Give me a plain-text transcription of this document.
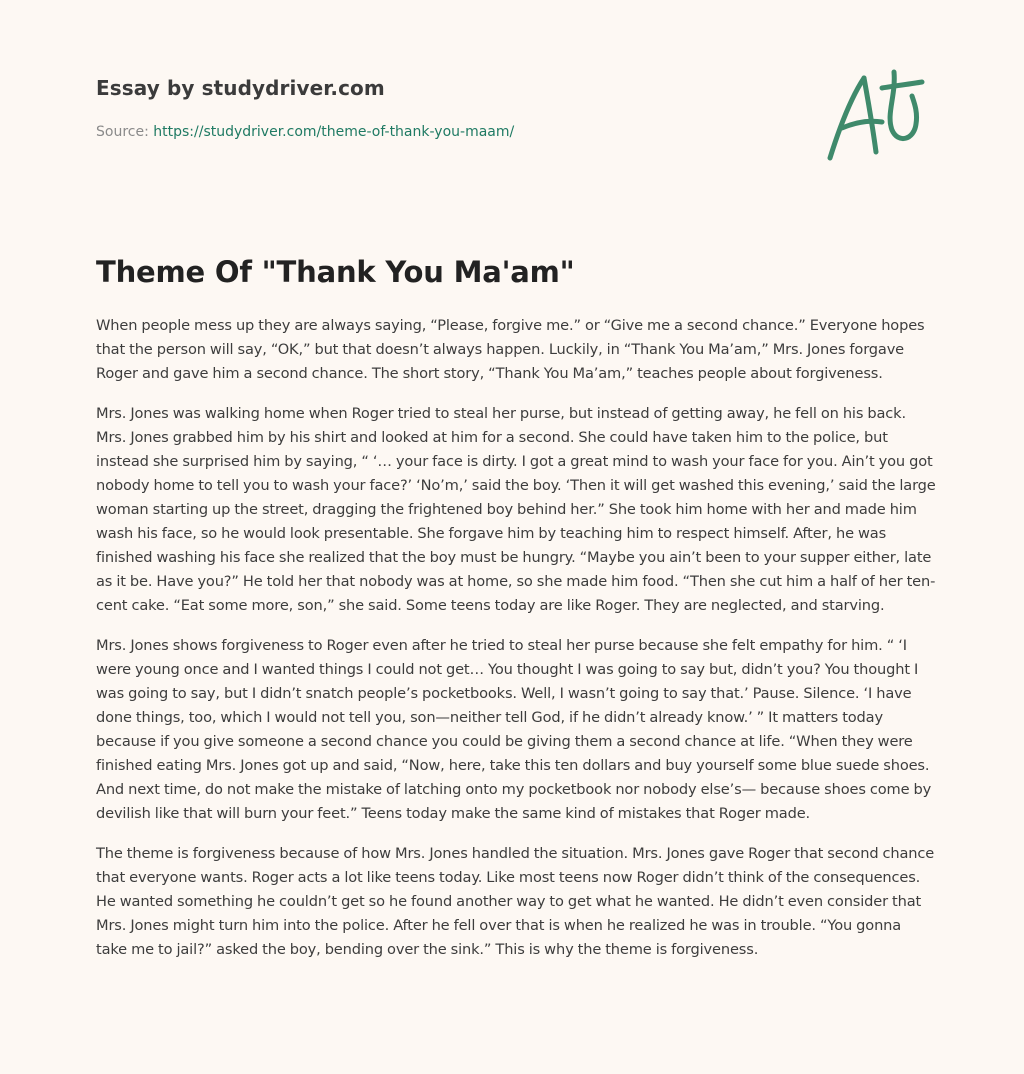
Essay by studydriver.com
Source: https://studydriver.com/theme-of-thank-you-maam/
Theme Of "Thank You Ma'am"

When people mess up they are always saying, “Please, forgive me.” or “Give me a second chance.” Everyone hopes that the person will say, “OK,” but that doesn’t always happen. Luckily, in “Thank You Ma’am,” Mrs. Jones forgave Roger and gave him a second chance. The short story, “Thank You Ma’am,” teaches people about forgiveness.

Mrs. Jones was walking home when Roger tried to steal her purse, but instead of getting away, he fell on his back. Mrs. Jones grabbed him by his shirt and looked at him for a second. She could have taken him to the police, but instead she surprised him by saying, “ ‘… your face is dirty. I got a great mind to wash your face for you. Ain’t you got nobody home to tell you to wash your face?’ ‘No’m,’ said the boy. ‘Then it will get washed this evening,’ said the large woman starting up the street, dragging the frightened boy behind her.” She took him home with her and made him wash his face, so he would look presentable. She forgave him by teaching him to respect himself. After, he was finished washing his face she realized that the boy must be hungry. “Maybe you ain’t been to your supper either, late as it be. Have you?” He told her that nobody was at home, so she made him food. “Then she cut him a half of her ten-cent cake. “Eat some more, son,” she said. Some teens today are like Roger. They are neglected, and starving.

Mrs. Jones shows forgiveness to Roger even after he tried to steal her purse because she felt empathy for him. “ ‘I were young once and I wanted things I could not get… You thought I was going to say but, didn’t you? You thought I was going to say, but I didn’t snatch people’s pocketbooks. Well, I wasn’t going to say that.’ Pause. Silence. ‘I have done things, too, which I would not tell you, son—neither tell God, if he didn’t already know.’ ” It matters today because if you give someone a second chance you could be giving them a second chance at life. “When they were finished eating Mrs. Jones got up and said, “Now, here, take this ten dollars and buy yourself some blue suede shoes. And next time, do not make the mistake of latching onto my pocketbook nor nobody else’s— because shoes come by devilish like that will burn your feet.” Teens today make the same kind of mistakes that Roger made.

The theme is forgiveness because of how Mrs. Jones handled the situation. Mrs. Jones gave Roger that second chance that everyone wants. Roger acts a lot like teens today. Like most teens now Roger didn’t think of the consequences. He wanted something he couldn’t get so he found another way to get what he wanted. He didn’t even consider that Mrs. Jones might turn him into the police. After he fell over that is when he realized he was in trouble. “You gonna take me to jail?” asked the boy, bending over the sink.” This is why the theme is forgiveness.
